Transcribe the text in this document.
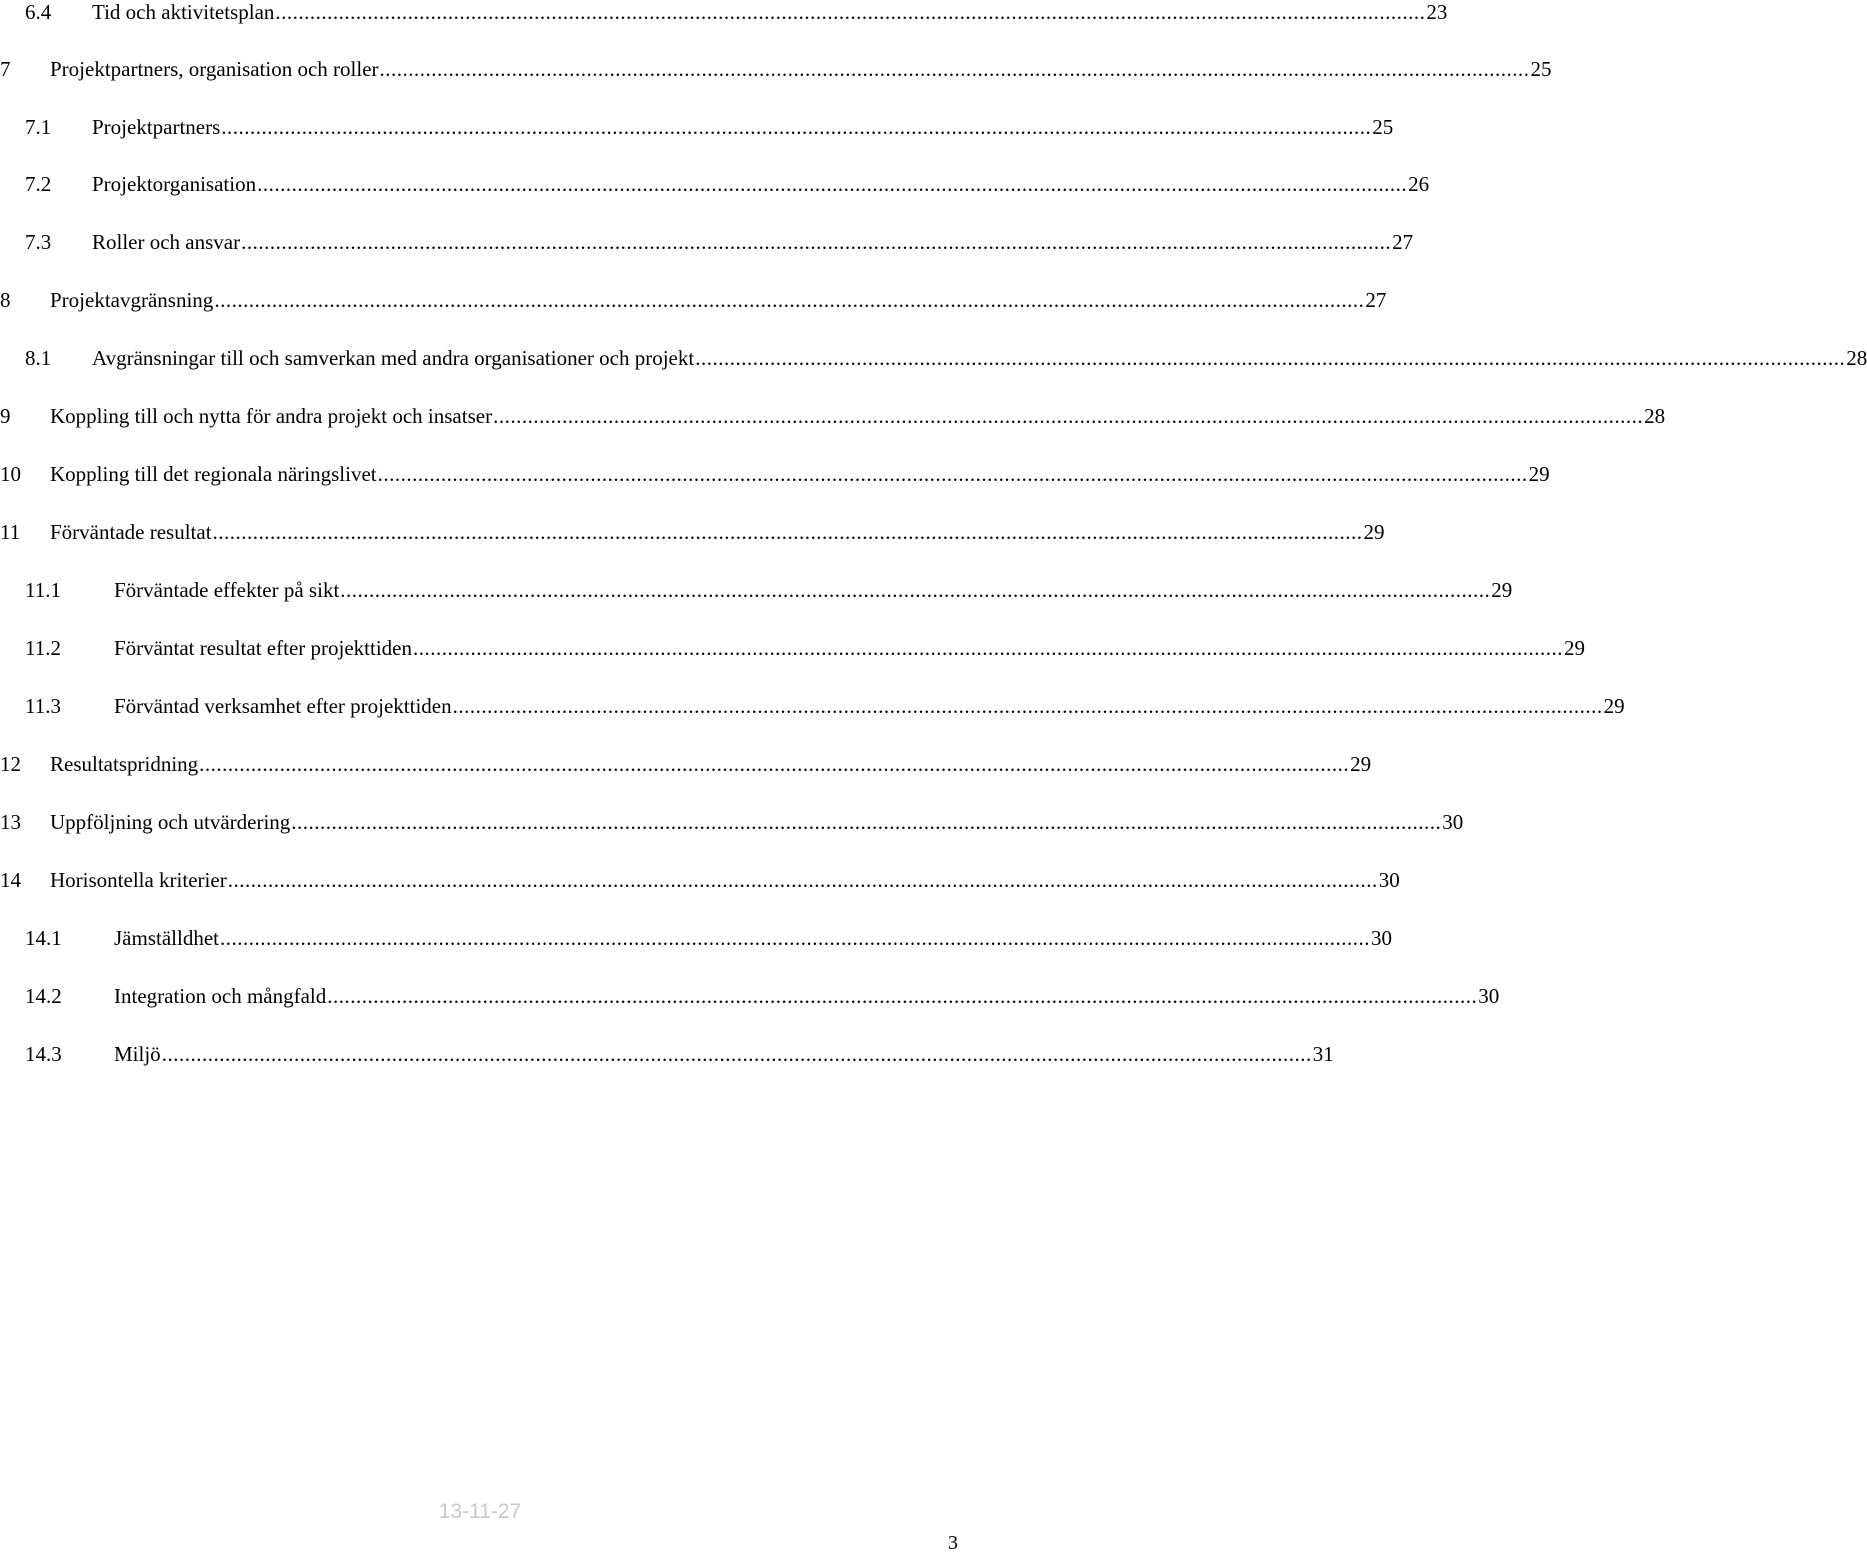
6.4 Tid och aktivitetsplan ........................................................................................................................................................................................................ 23
7 Projektpartners, organisation och roller ........................................................................................................................................................................................................ 25
7.1 Projektpartners ........................................................................................................................................................................................................ 25
7.2 Projektorganisation ........................................................................................................................................................................................................ 26
7.3 Roller och ansvar ........................................................................................................................................................................................................ 27
8 Projektavgränsning ........................................................................................................................................................................................................ 27
8.1 Avgränsningar till och samverkan med andra organisationer och projekt ........................................................................................................................................................................................................ 28
9 Koppling till och nytta för andra projekt och insatser ........................................................................................................................................................................................................ 28
10 Koppling till det regionala näringslivet ........................................................................................................................................................................................................ 29
11 Förväntade resultat ........................................................................................................................................................................................................ 29
11.1	Förväntade effekter på sikt ........................................................................................................................................................................................................ 29
11.2	Förväntat resultat efter projekttiden ........................................................................................................................................................................................................ 29
11.3	Förväntad verksamhet efter projekttiden ........................................................................................................................................................................................................ 29
12 Resultatspridning ........................................................................................................................................................................................................ 29
13 Uppföljning och utvärdering ........................................................................................................................................................................................................ 30
14 Horisontella kriterier ........................................................................................................................................................................................................ 30
14.1 Jämställdhet ........................................................................................................................................................................................................ 30
14.2 Integration och mångfald ........................................................................................................................................................................................................ 30
14.3 Miljö ........................................................................................................................................................................................................ 31
13-11-27
3
